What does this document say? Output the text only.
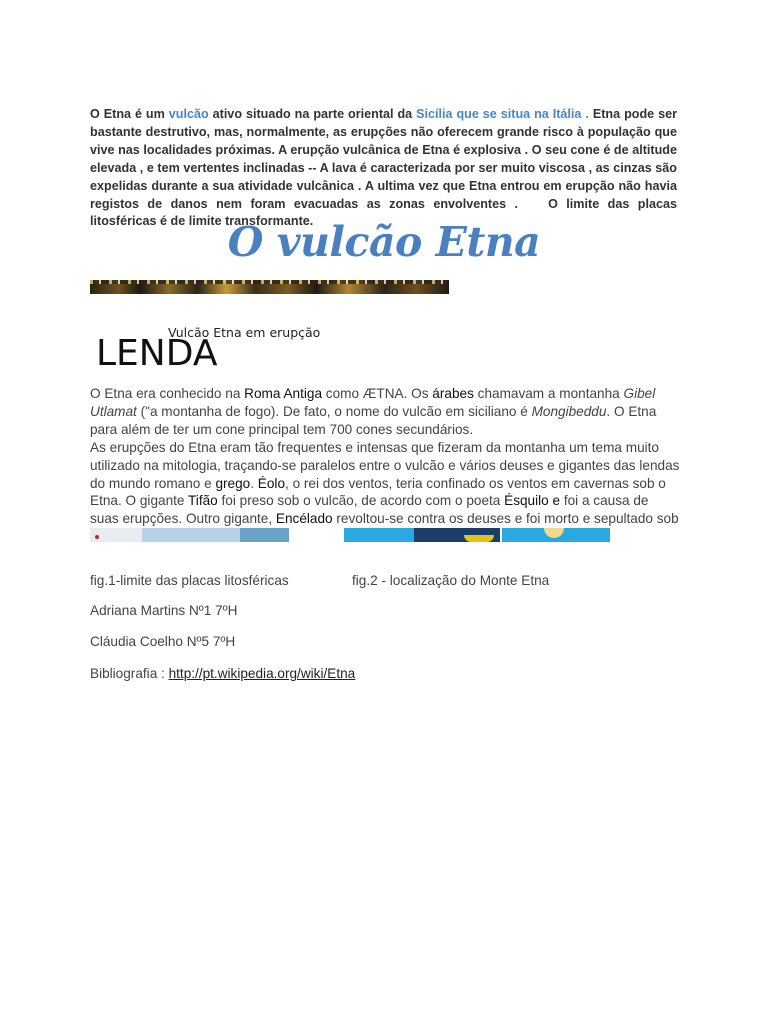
O Etna é um vulcão ativo situado na parte oriental da Sicília que se situa na Itália . Etna pode ser bastante destrutivo, mas, normalmente, as erupções não oferecem grande risco à população que vive nas localidades próximas. A erupção vulcânica de Etna é explosiva . O seu cone é de altitude elevada , e tem vertentes inclinadas -- A lava é caracterizada por ser muito viscosa , as cinzas são expelidas durante a sua atividade vulcânica . A ultima vez que Etna entrou em erupção não havia registos de danos nem foram evacuadas as zonas envolventes . O limite das placas litosféricas é de limite transformante.
O vulcão Etna
Vulcão Etna em erupção
LENDA

O Etna era conhecido na Roma Antiga como ÆTNA. Os árabes chamavam a montanha Gibel Utlamat ("a montanha de fogo). De fato, o nome do vulcão em siciliano é Mongibeddu. O Etna para além de ter um cone principal tem 700 cones secundários.

As erupções do Etna eram tão frequentes e intensas que fizeram da montanha um tema muito utilizado na mitologia, traçando-se paralelos entre o vulcão e vários deuses e gigantes das lendas do mundo romano e grego. Éolo, o rei dos ventos, teria confinado os ventos em cavernas sob o Etna. O gigante Tifão foi preso sob o vulcão, de acordo com o poeta Ésquilo e foi a causa de suas erupções. Outro gigante, Encélado revoltou-se contra os deuses e foi morto e sepultado sob

fig.1-limite das placas litosféricas	fig.2 - localização do Monte Etna
Adriana Martins Nº1 7ºH
Cláudia Coelho Nº5 7ºH
Bibliografia : http://pt.wikipedia.org/wiki/Etna
